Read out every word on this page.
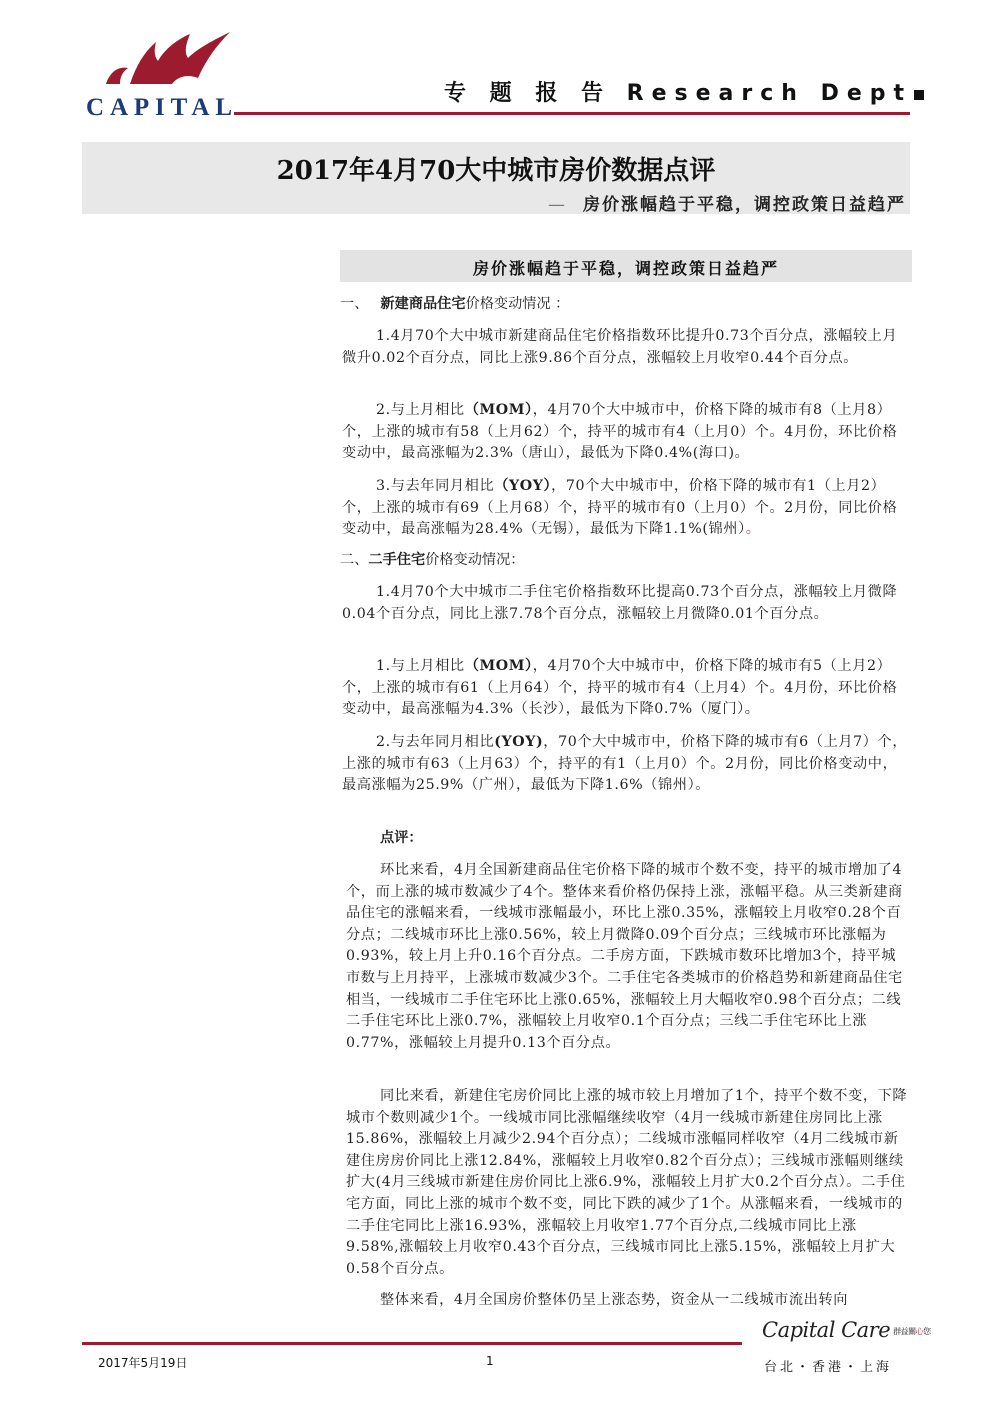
CAPITAL
专 题 报 告 Research Dept
2017年4月70大中城市房价数据点评
— 房价涨幅趋于平稳，调控政策日益趋严
房价涨幅趋于平稳，调控政策日益趋严
一、 新建商品住宅价格变动情况 ：
1.4月70个大中城市新建商品住宅价格指数环比提升0.73个百分点，涨幅较上月微升0.02个百分点，同比上涨9.86个百分点，涨幅较上月收窄0.44个百分点。
2.与上月相比（MOM），4月70个大中城市中，价格下降的城市有8（上月8）个，上涨的城市有58（上月62）个，持平的城市有4（上月0）个。4月份，环比价格变动中，最高涨幅为2.3%（唐山），最低为下降0.4%(海口)。
3.与去年同月相比（YOY），70个大中城市中，价格下降的城市有1（上月2）个，上涨的城市有69（上月68）个，持平的城市有0（上月0）个。2月份，同比价格变动中，最高涨幅为28.4%（无锡），最低为下降1.1%(锦州）。
二、二手住宅价格变动情况：
1.4月70个大中城市二手住宅价格指数环比提高0.73个百分点，涨幅较上月微降0.04个百分点，同比上涨7.78个百分点，涨幅较上月微降0.01个百分点。
1.与上月相比（MOM），4月70个大中城市中，价格下降的城市有5（上月2）个，上涨的城市有61（上月64）个，持平的城市有4（上月4）个。4月份，环比价格变动中，最高涨幅为4.3%（长沙），最低为下降0.7%（厦门）。
2.与去年同月相比(YOY)，70个大中城市中，价格下降的城市有6（上月7）个，上涨的城市有63（上月63）个，持平的有1（上月0）个。2月份，同比价格变动中，最高涨幅为25.9%（广州），最低为下降1.6%（锦州）。
点评：
环比来看，4月全国新建商品住宅价格下降的城市个数不变，持平的城市增加了4个，而上涨的城市数减少了4个。整体来看价格仍保持上涨，涨幅平稳。从三类新建商品住宅的涨幅来看，一线城市涨幅最小，环比上涨0.35%，涨幅较上月收窄0.28个百分点；二线城市环比上涨0.56%，较上月微降0.09个百分点；三线城市环比涨幅为0.93%，较上月上升0.16个百分点。二手房方面，下跌城市数环比增加3个，持平城市数与上月持平，上涨城市数减少3个。二手住宅各类城市的价格趋势和新建商品住宅相当，一线城市二手住宅环比上涨0.65%，涨幅较上月大幅收窄0.98个百分点；二线二手住宅环比上涨0.7%，涨幅较上月收窄0.1个百分点；三线二手住宅环比上涨0.77%，涨幅较上月提升0.13个百分点。
同比来看，新建住宅房价同比上涨的城市较上月增加了1个，持平个数不变，下降城市个数则减少1个。一线城市同比涨幅继续收窄（4月一线城市新建住房同比上涨15.86%，涨幅较上月减少2.94个百分点）；二线城市涨幅同样收窄（4月二线城市新建住房房价同比上涨12.84%，涨幅较上月收窄0.82个百分点）；三线城市涨幅则继续扩大(4月三线城市新建住房价同比上涨6.9%，涨幅较上月扩大0.2个百分点）。二手住宅方面，同比上涨的城市个数不变，同比下跌的减少了1个。从涨幅来看，一线城市的二手住宅同比上涨16.93%，涨幅较上月收窄1.77个百分点,二线城市同比上涨9.58%,涨幅较上月收窄0.43个百分点，三线城市同比上涨5.15%，涨幅较上月扩大0.58个百分点。
整体来看，4月全国房价整体仍呈上涨态势，资金从一二线城市流出转向
2017年5月19日	1
Capital Care 群益關心您
台北・香港・上海
